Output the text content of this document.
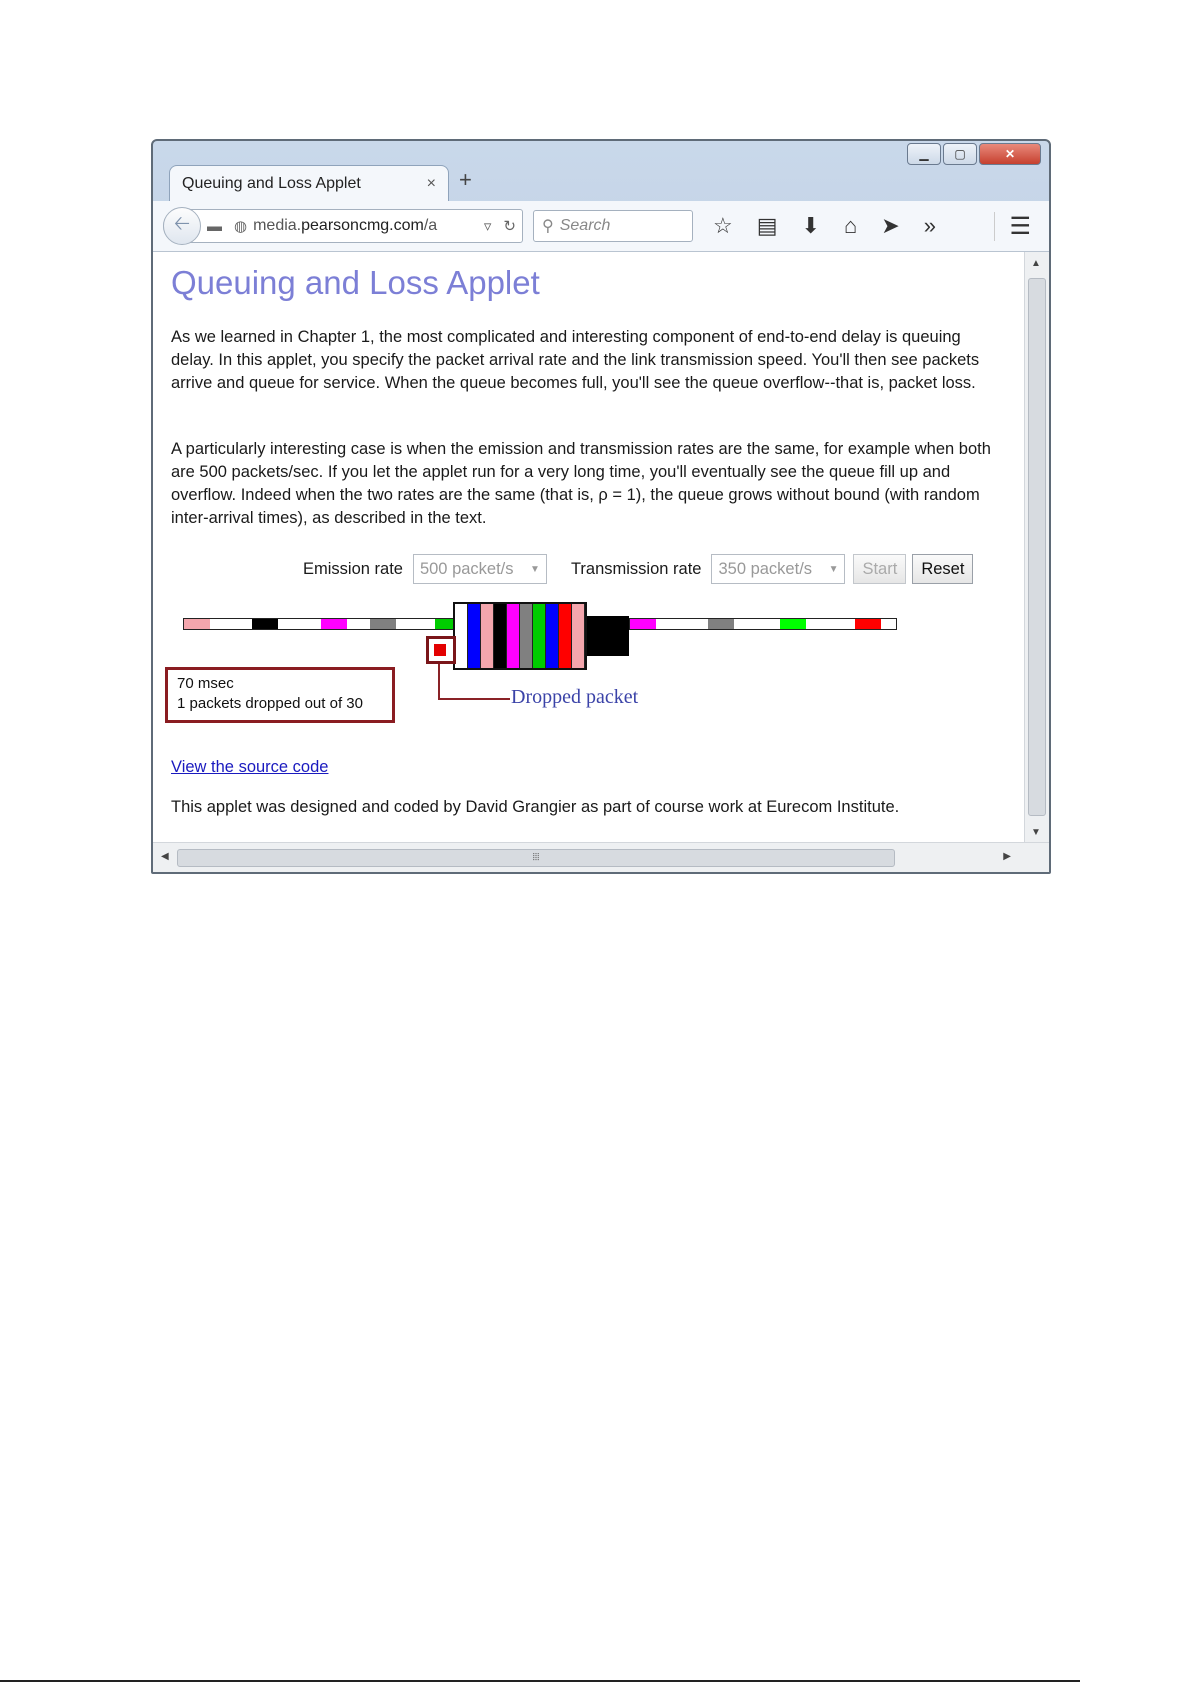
▁	▢	✕
Queuing and Loss Applet	× +
🡠	▬ ◍ media.pearsoncmg.com/a	▿ ↻ ⚲ Search	☆ ▤ ⬇ ⌂ ➤ »	☰
Queuing and Loss Applet

As we learned in Chapter 1, the most complicated and interesting component of end-to-end delay is queuing delay. In this applet, you specify the packet arrival rate and the link transmission speed. You'll then see packets arrive and queue for service. When the queue becomes full, you'll see the queue overflow--that is, packet loss.

A particularly interesting case is when the emission and transmission rates are the same, for example when both are 500 packets/sec. If you let the applet run for a very long time, you'll eventually see the queue fill up and overflow. Indeed when the two rates are the same (that is, ρ = 1), the queue grows without bound (with random inter-arrival times), as described in the text.

Emission rate 500 packet/s	▼ Transmission rate 350 packet/s	▼	Start	Reset
Dropped packet
70 msec
1 packets dropped out of 30
View the source code
This applet was designed and coded by David Grangier as part of course work at Eurecom Institute.
▲
▼
◀	⦙⦙⦙	▶
